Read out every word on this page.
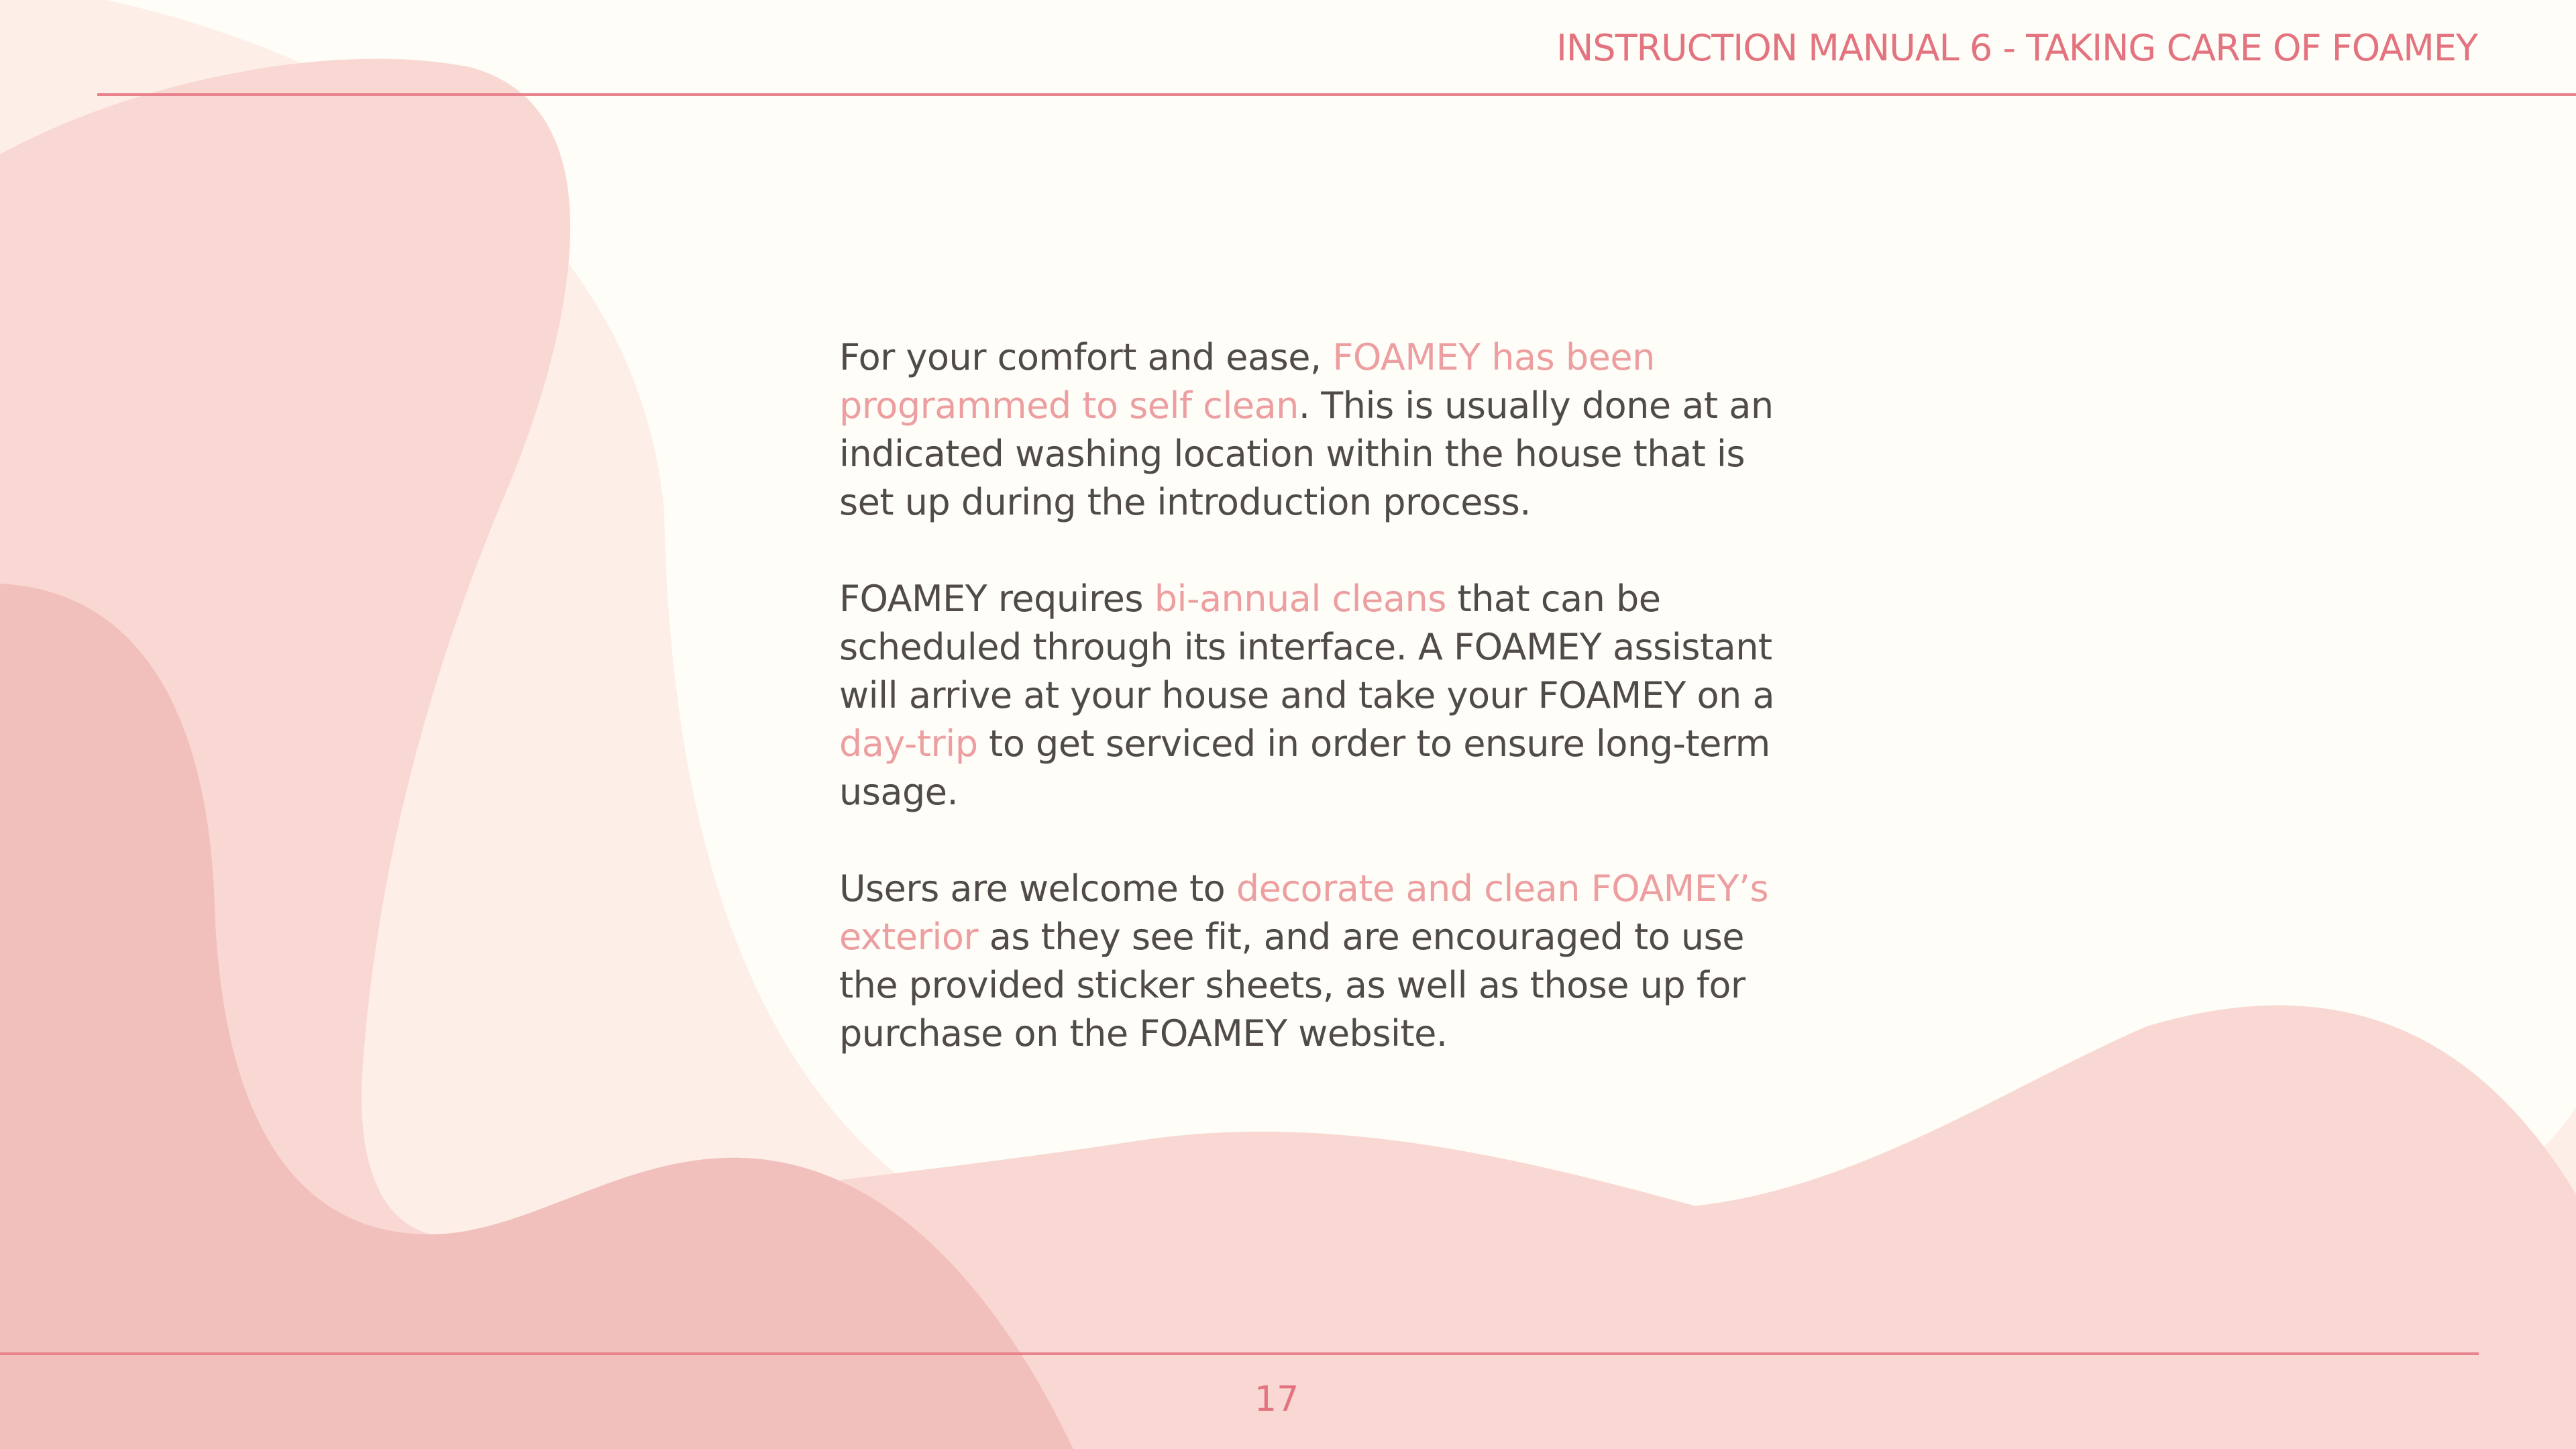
INSTRUCTION MANUAL 6 - TAKING CARE OF FOAMEY

For your comfort and ease, FOAMEY has been programmed to self clean. This is usually done at an indicated washing location within the house that is set up during the introduction process.

FOAMEY requires bi-annual cleans that can be scheduled through its interface. A FOAMEY assistant will arrive at your house and take your FOAMEY on a day-trip to get serviced in order to ensure long-term usage.

Users are welcome to decorate and clean FOAMEY’s exterior as they see fit, and are encouraged to use the provided sticker sheets, as well as those up for purchase on the FOAMEY website.

17
